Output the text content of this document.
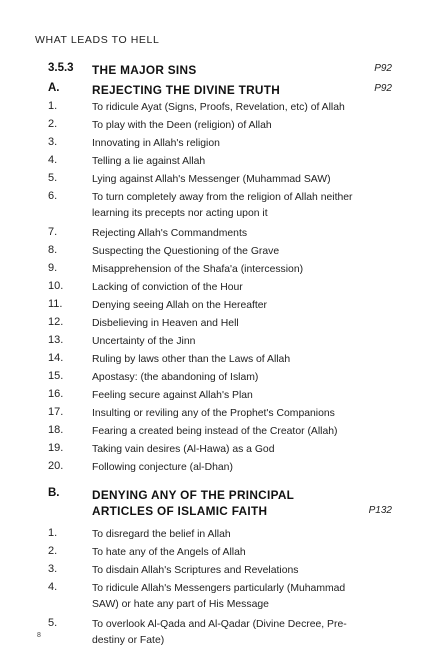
WHAT LEADS TO HELL
3.5.3 THE MAJOR SINS	P92
A.	REJECTING THE DIVINE TRUTH	P92
1.	To ridicule Ayat (Signs, Proofs, Revelation, etc) of Allah
2.	To play with the Deen (religion) of Allah
3.	Innovating in Allah's religion
4.	Telling a lie against Allah
5.	Lying against Allah's Messenger (Muhammad SAW)
6.	To turn completely away from the religion of Allah neither learning its precepts nor acting upon it
7.	Rejecting Allah's Commandments
8.	Suspecting the Questioning of the Grave
9.	Misapprehension of the Shafa'a (intercession)
10.	Lacking of conviction of the Hour
11.	Denying seeing Allah on the Hereafter
12.	Disbelieving in Heaven and Hell
13.	Uncertainty of the Jinn
14.	Ruling by laws other than the Laws of Allah
15.	Apostasy: (the abandoning of Islam)
16.	Feeling secure against Allah's Plan
17.	Insulting or reviling any of the Prophet's Companions
18.	Fearing a created being instead of the Creator (Allah)
19.	Taking vain desires (Al-Hawa) as a God
20.	Following conjecture (al-Dhan)
B.	DENYING ANY OF THE PRINCIPAL ARTICLES OF ISLAMIC FAITH	P132
1.	To disregard the belief in Allah
2.	To hate any of the Angels of Allah
3.	To disdain Allah's Scriptures and Revelations
4.	To ridicule Allah's Messengers particularly (Muhammad SAW) or hate any part of His Message
5.	To overlook Al-Qada and Al-Qadar (Divine Decree, Pre-destiny or Fate)
8
